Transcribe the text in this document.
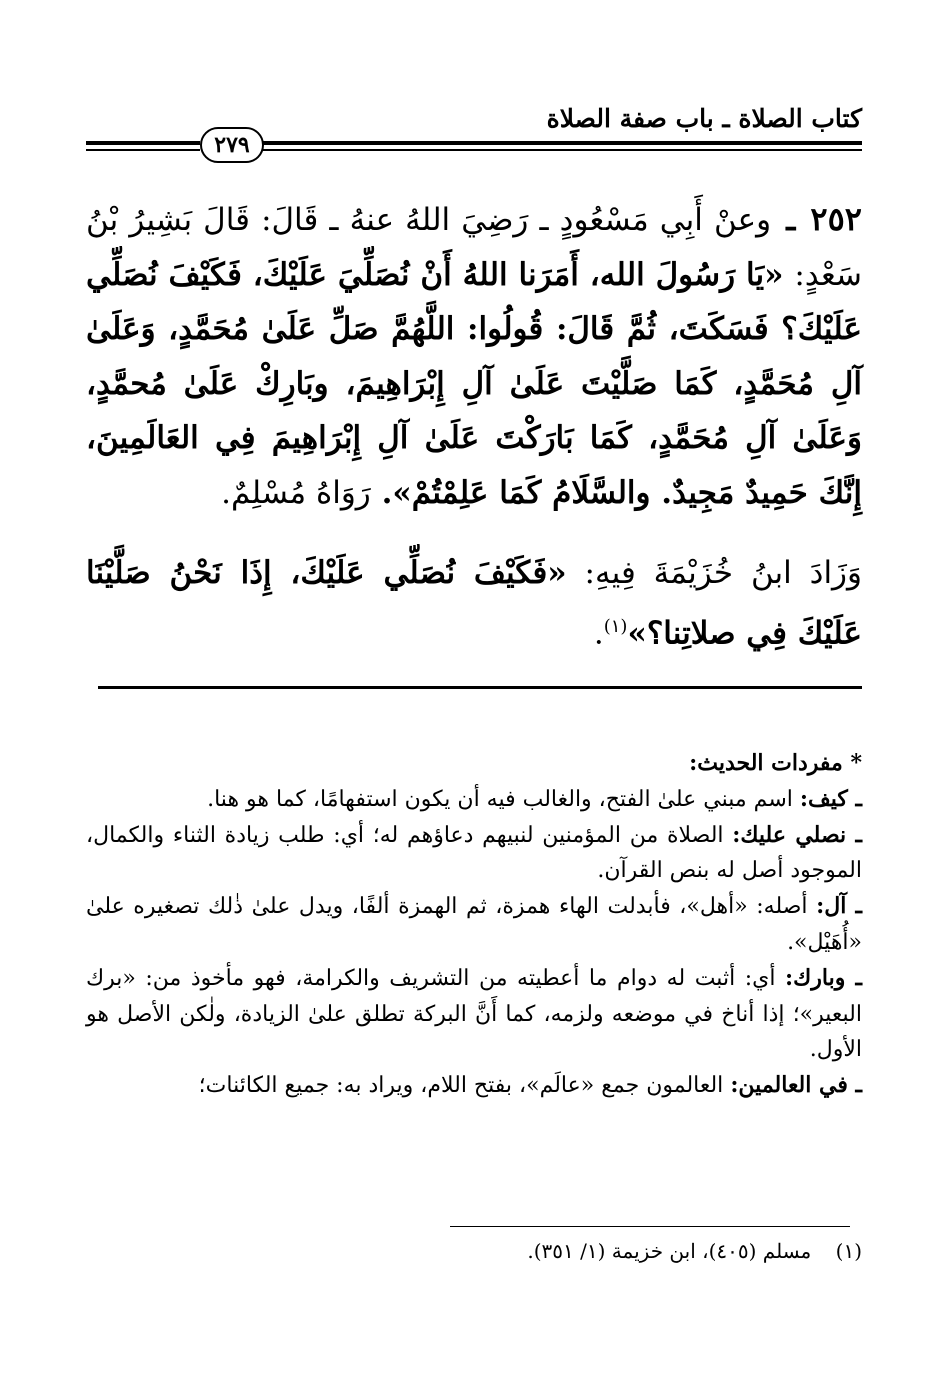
كتاب الصلاة ـ باب صفة الصلاة
٢٧٩
٢٥٢  ـ  وعنْ أَبِي مَسْعُودٍ ـ رَضِيَ اللهُ عنهُ ـ قَالَ: قَالَ بَشِيرُ بْنُ سَعْدٍ: «يَا رَسُولَ الله، أَمَرَنا اللهُ أَنْ نُصَلِّيَ عَلَيْكَ، فَكَيْفَ نُصَلِّي عَلَيْكَ؟ فَسَكَتَ، ثُمَّ قَالَ: قُولُوا: اللَّهُمَّ صَلِّ عَلَىٰ مُحَمَّدٍ، وَعَلَىٰ آلِ مُحَمَّدٍ، كَمَا صَلَّيْتَ عَلَىٰ آلِ إِبْرَاهِيمَ، وبَارِكْ عَلَىٰ مُحمَّدٍ، وَعَلَىٰ آلِ مُحَمَّدٍ، كَمَا بَارَكْتَ عَلَىٰ آلِ إِبْرَاهِيمَ فِي العَالَمِينَ، إِنَّكَ حَمِيدٌ مَجِيدٌ. والسَّلَامُ كَمَا عَلِمْتُمْ». رَوَاهُ مُسْلِمٌ.
وَزَادَ ابنُ خُزَيْمَةَ فِيهِ: «فَكَيْفَ نُصَلِّي عَلَيْكَ، إِذَا نَحْنُ صَلَّيْنَا عَلَيْكَ فِي صلاتِنا؟»$^{(١)}$.

* مفردات الحديث:

ـ كيف: اسم مبني علىٰ الفتح، والغالب فيه أن يكون استفهامًا، كما هو هنا.

ـ نصلي عليك: الصلاة من المؤمنين لنبيهم دعاؤهم له؛ أي: طلب زيادة الثناء والكمال، الموجود أصل له بنص القرآن.

ـ آل: أصله: «أهل»، فأبدلت الهاء همزة، ثم الهمزة ألفًا، ويدل علىٰ ذٰلك تصغيره علىٰ «أُهَيْل».

ـ وبارك: أي: أثبت له دوام ما أعطيته من التشريف والكرامة، فهو مأخوذ من: «برك البعير»؛ إذا أناخ في موضعه ولزمه، كما أَنَّ البركة تطلق علىٰ الزيادة، ولٰكن الأصل هو الأول.

ـ في العالمين: العالمون جمع «عالَم»، بفتح اللام، ويراد به: جميع الكائنات؛

(١) مسلم (٤٠٥)، ابن خزيمة (١/ ٣٥١).
